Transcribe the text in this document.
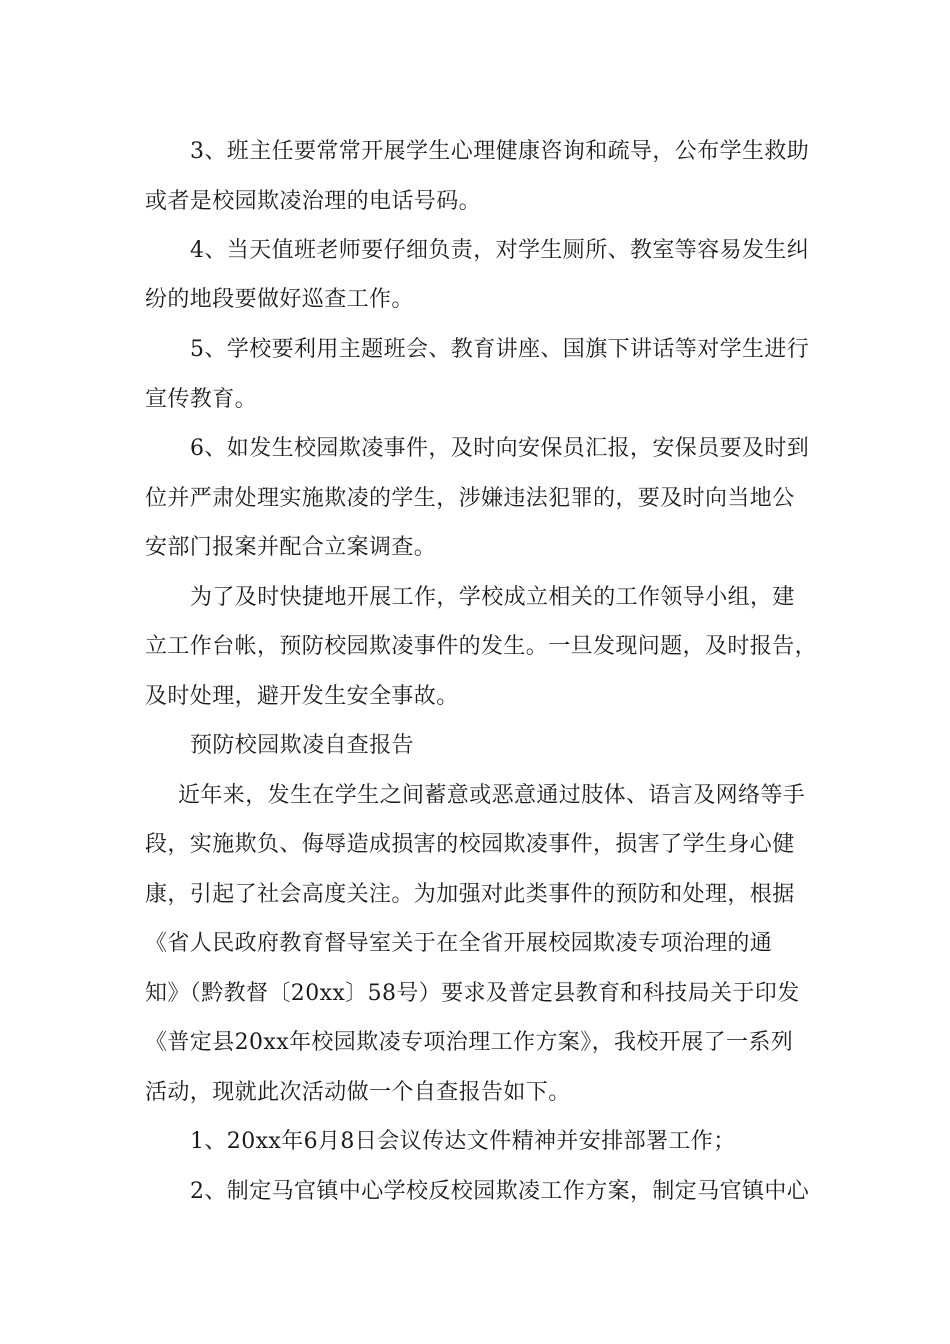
3、班主任要常常开展学生心理健康咨询和疏导，公布学生救助

或者是校园欺凌治理的电话号码。

4、当天值班老师要仔细负责，对学生厕所、教室等容易发生纠

纷的地段要做好巡查工作。

5、学校要利用主题班会、教育讲座、国旗下讲话等对学生进行

宣传教育。

6、如发生校园欺凌事件，及时向安保员汇报，安保员要及时到

位并严肃处理实施欺凌的学生，涉嫌违法犯罪的，要及时向当地公

安部门报案并配合立案调查。

为了及时快捷地开展工作，学校成立相关的工作领导小组，建

立工作台帐，预防校园欺凌事件的发生。一旦发现问题，及时报告，

及时处理，避开发生安全事故。

预防校园欺凌自查报告

近年来，发生在学生之间蓄意或恶意通过肢体、语言及网络等手

段，实施欺负、侮辱造成损害的校园欺凌事件，损害了学生身心健

康，引起了社会高度关注。为加强对此类事件的预防和处理，根据

《省人民政府教育督导室关于在全省开展校园欺凌专项治理的通

知》（黔教督〔20xx〕58号）要求及普定县教育和科技局关于印发

《普定县20xx年校园欺凌专项治理工作方案》，我校开展了一系列

活动，现就此次活动做一个自查报告如下。

1、20xx年6月8日会议传达文件精神并安排部署工作；

2、制定马官镇中心学校反校园欺凌工作方案，制定马官镇中心
